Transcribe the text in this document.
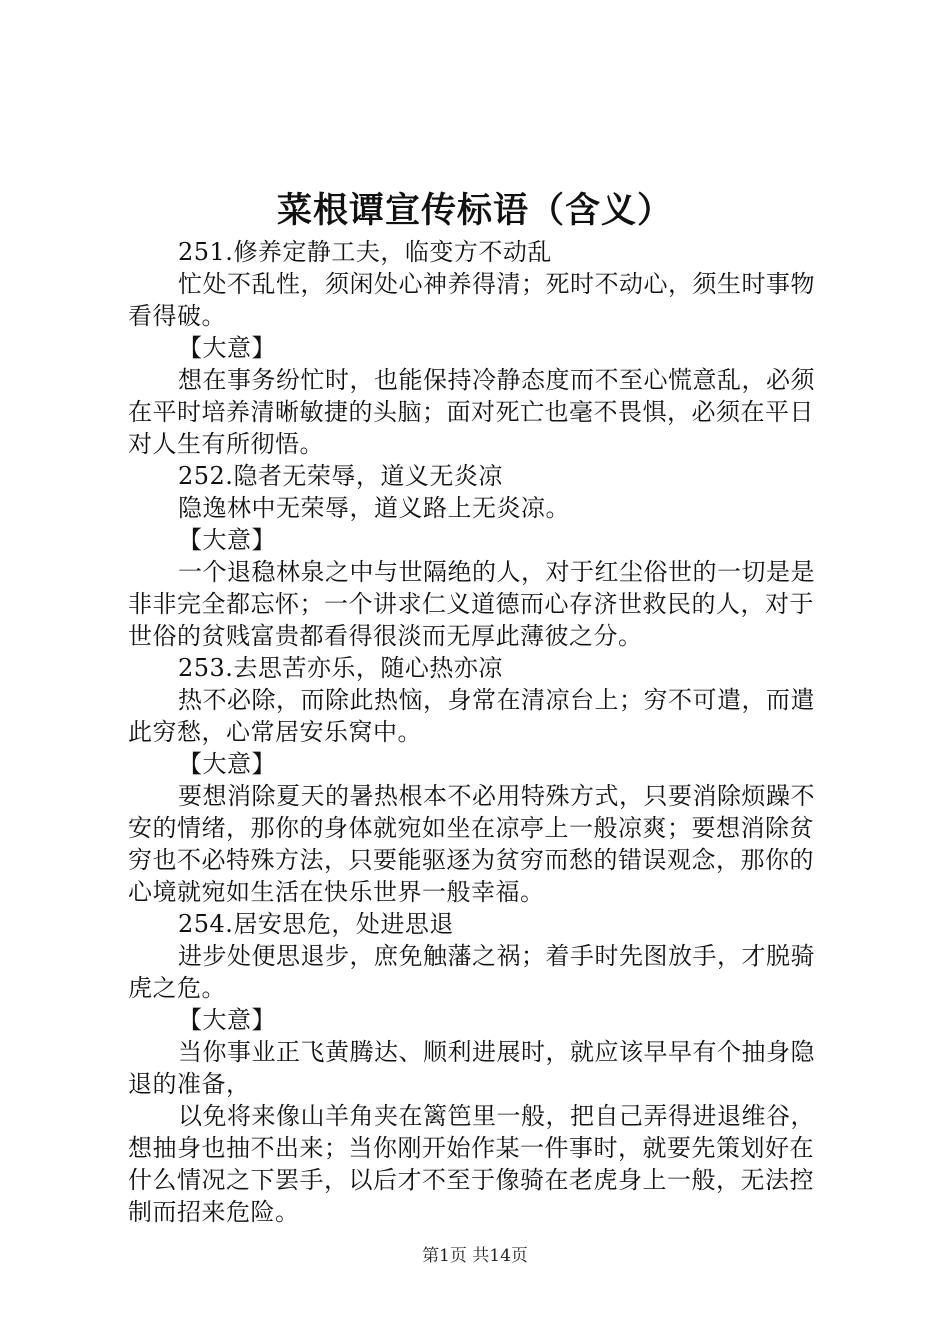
菜根谭宣传标语（含义）

251.修养定静工夫，临变方不动乱

忙处不乱性，须闲处心神养得清；死时不动心，须生时事物看得破。

【大意】

想在事务纷忙时，也能保持冷静态度而不至心慌意乱，必须在平时培养清晰敏捷的头脑；面对死亡也毫不畏惧，必须在平日对人生有所彻悟。

252.隐者无荣辱，道义无炎凉

隐逸林中无荣辱，道义路上无炎凉。

【大意】

一个退稳林泉之中与世隔绝的人，对于红尘俗世的一切是是非非完全都忘怀；一个讲求仁义道德而心存济世救民的人，对于世俗的贫贱富贵都看得很淡而无厚此薄彼之分。

253.去思苦亦乐，随心热亦凉

热不必除，而除此热恼，身常在清凉台上；穷不可遣，而遣此穷愁，心常居安乐窝中。

【大意】

要想消除夏天的暑热根本不必用特殊方式，只要消除烦躁不安的情绪，那你的身体就宛如坐在凉亭上一般凉爽；要想消除贫穷也不必特殊方法，只要能驱逐为贫穷而愁的错误观念，那你的心境就宛如生活在快乐世界一般幸福。

254.居安思危，处进思退

进步处便思退步，庶免触藩之祸；着手时先图放手，才脱骑虎之危。

【大意】

当你事业正飞黄腾达、顺利进展时，就应该早早有个抽身隐退的准备，

以免将来像山羊角夹在篱笆里一般，把自己弄得进退维谷，想抽身也抽不出来；当你刚开始作某一件事时，就要先策划好在什么情况之下罢手，以后才不至于像骑在老虎身上一般，无法控制而招来危险。

第1页 共14页
